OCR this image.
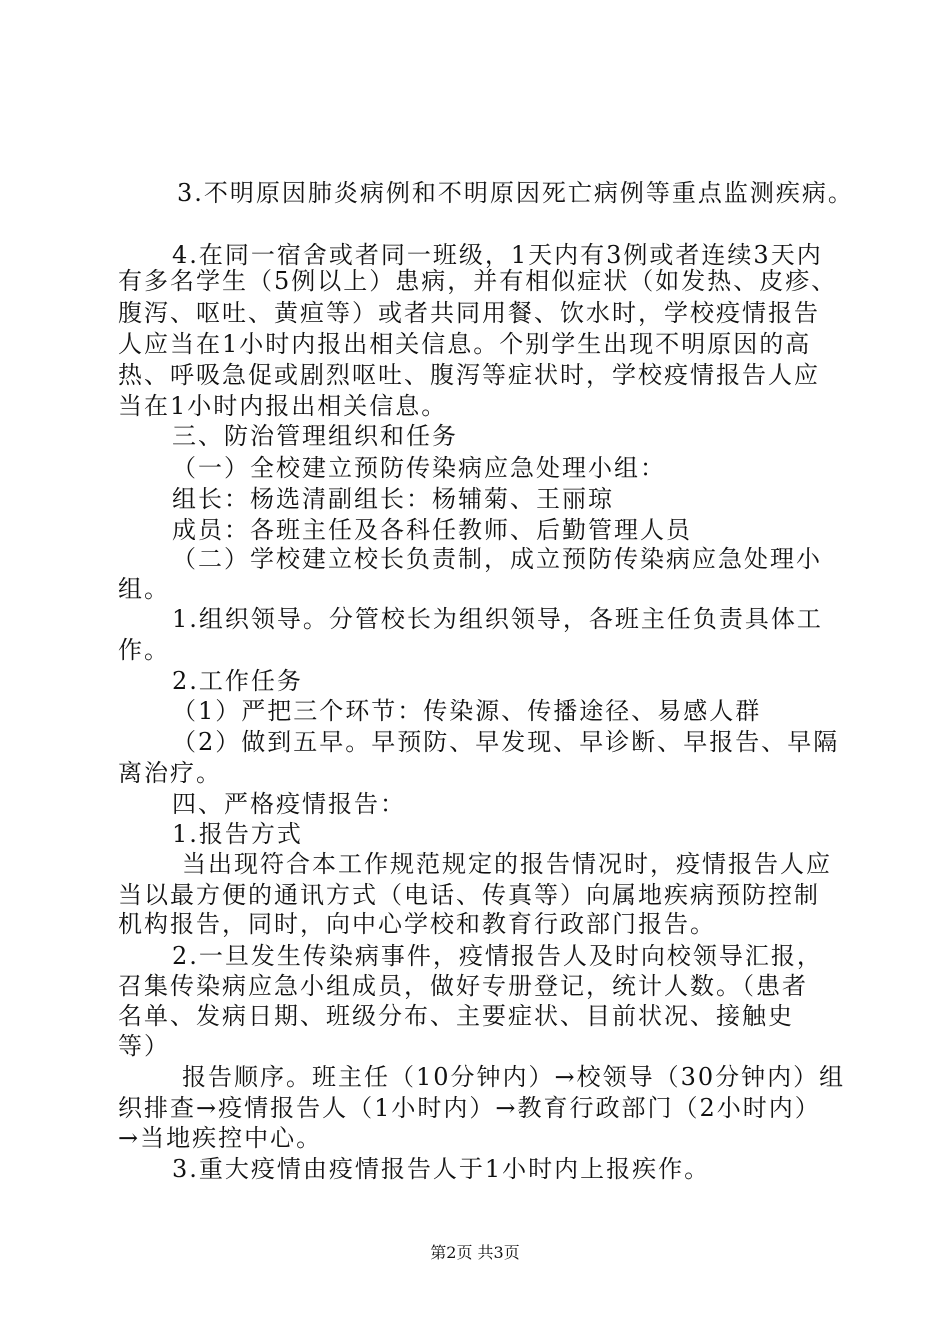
3.不明原因肺炎病例和不明原因死亡病例等重点监测疾病。
4.在同一宿舍或者同一班级，1天内有3例或者连续3天内
有多名学生（5例以上）患病，并有相似症状（如发热、皮疹、
腹泻、呕吐、黄疸等）或者共同用餐、饮水时，学校疫情报告
人应当在1小时内报出相关信息。个别学生出现不明原因的高
热、呼吸急促或剧烈呕吐、腹泻等症状时，学校疫情报告人应
当在1小时内报出相关信息。
三、防治管理组织和任务
（一）全校建立预防传染病应急处理小组：
组长：杨选清副组长：杨辅菊、王丽琼
成员：各班主任及各科任教师、后勤管理人员
（二）学校建立校长负责制，成立预防传染病应急处理小
组。
1.组织领导。分管校长为组织领导，各班主任负责具体工
作。
2.工作任务
（1）严把三个环节：传染源、传播途径、易感人群
（2）做到五早。早预防、早发现、早诊断、早报告、早隔
离治疗。
四、严格疫情报告：
1.报告方式
当出现符合本工作规范规定的报告情况时，疫情报告人应
当以最方便的通讯方式（电话、传真等）向属地疾病预防控制
机构报告，同时，向中心学校和教育行政部门报告。
2.一旦发生传染病事件，疫情报告人及时向校领导汇报，
召集传染病应急小组成员，做好专册登记，统计人数。（患者
名单、发病日期、班级分布、主要症状、目前状况、接触史
等）
报告顺序。班主任（10分钟内）→校领导（30分钟内）组
织排查→疫情报告人（1小时内）→教育行政部门（2小时内）
→当地疾控中心。
3.重大疫情由疫情报告人于1小时内上报疾作。
第2页 共3页
